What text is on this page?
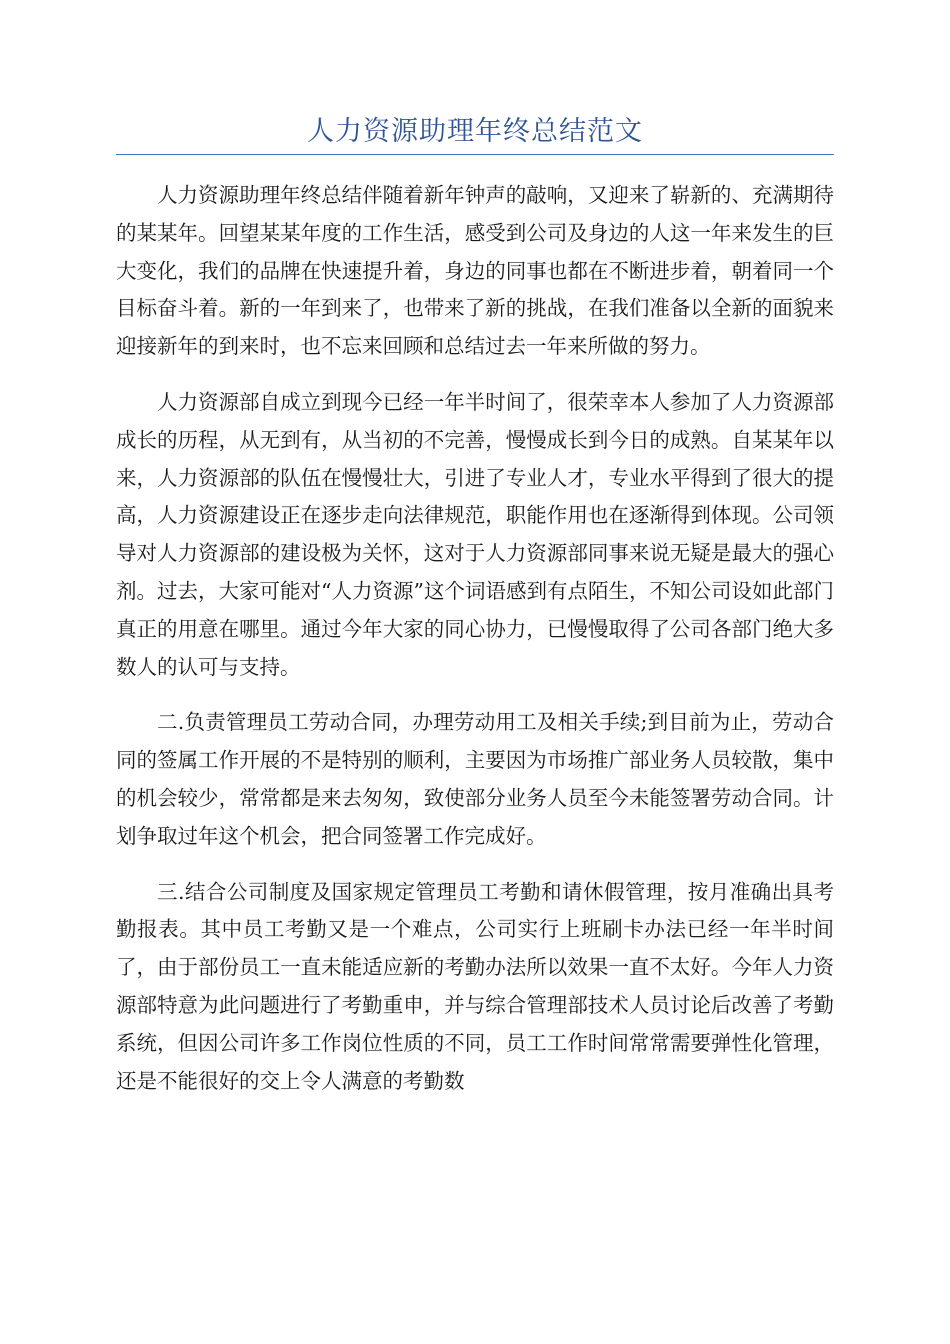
人力资源助理年终总结范文

人力资源助理年终总结伴随着新年钟声的敲响，又迎来了崭新的、充满期待的某某年。回望某某年度的工作生活，感受到公司及身边的人这一年来发生的巨大变化，我们的品牌在快速提升着，身边的同事也都在不断进步着，朝着同一个目标奋斗着。新的一年到来了，也带来了新的挑战，在我们准备以全新的面貌来迎接新年的到来时，也不忘来回顾和总结过去一年来所做的努力。

人力资源部自成立到现今已经一年半时间了，很荣幸本人参加了人力资源部成长的历程，从无到有，从当初的不完善，慢慢成长到今日的成熟。自某某年以来，人力资源部的队伍在慢慢壮大，引进了专业人才，专业水平得到了很大的提高，人力资源建设正在逐步走向法律规范，职能作用也在逐渐得到体现。公司领导对人力资源部的建设极为关怀，这对于人力资源部同事来说无疑是最大的强心剂。过去，大家可能对“人力资源”这个词语感到有点陌生，不知公司设如此部门真正的用意在哪里。通过今年大家的同心协力，已慢慢取得了公司各部门绝大多数人的认可与支持。

二.负责管理员工劳动合同，办理劳动用工及相关手续;到目前为止，劳动合同的签属工作开展的不是特别的顺利，主要因为市场推广部业务人员较散，集中的机会较少，常常都是来去匆匆，致使部分业务人员至今未能签署劳动合同。计划争取过年这个机会，把合同签署工作完成好。

三.结合公司制度及国家规定管理员工考勤和请休假管理，按月准确出具考勤报表。其中员工考勤又是一个难点，公司实行上班刷卡办法已经一年半时间了，由于部份员工一直未能适应新的考勤办法所以效果一直不太好。今年人力资源部特意为此问题进行了考勤重申，并与综合管理部技术人员讨论后改善了考勤系统，但因公司许多工作岗位性质的不同，员工工作时间常常需要弹性化管理，还是不能很好的交上令人满意的考勤数
